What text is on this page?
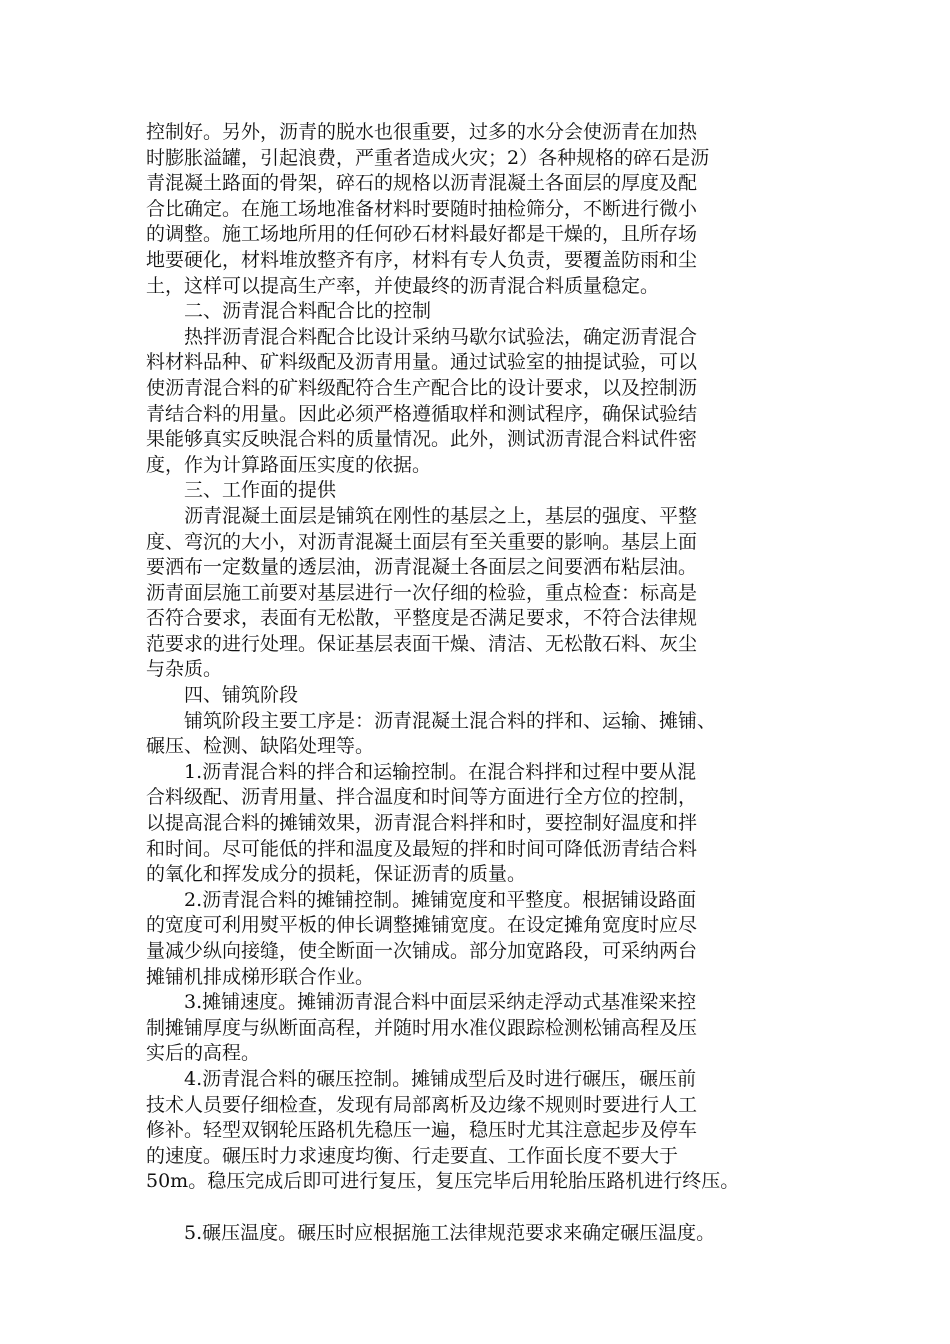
控制好。另外，沥青的脱水也很重要，过多的水分会使沥青在加热
时膨胀溢罐，引起浪费，严重者造成火灾；2）各种规格的碎石是沥
青混凝土路面的骨架，碎石的规格以沥青混凝土各面层的厚度及配
合比确定。在施工场地准备材料时要随时抽检筛分，不断进行微小
的调整。施工场地所用的任何砂石材料最好都是干燥的，且所存场
地要硬化，材料堆放整齐有序，材料有专人负责，要覆盖防雨和尘
土，这样可以提高生产率，并使最终的沥青混合料质量稳定。
　　二、沥青混合料配合比的控制
　　热拌沥青混合料配合比设计采纳马歇尔试验法，确定沥青混合
料材料品种、矿料级配及沥青用量。通过试验室的抽提试验，可以
使沥青混合料的矿料级配符合生产配合比的设计要求，以及控制沥
青结合料的用量。因此必须严格遵循取样和测试程序，确保试验结
果能够真实反映混合料的质量情况。此外，测试沥青混合料试件密
度，作为计算路面压实度的依据。
　　三、工作面的提供
　　沥青混凝土面层是铺筑在刚性的基层之上，基层的强度、平整
度、弯沉的大小，对沥青混凝土面层有至关重要的影响。基层上面
要洒布一定数量的透层油，沥青混凝土各面层之间要洒布粘层油。
沥青面层施工前要对基层进行一次仔细的检验，重点检查：标高是
否符合要求，表面有无松散，平整度是否满足要求，不符合法律规
范要求的进行处理。保证基层表面干燥、清洁、无松散石料、灰尘
与杂质。
　　四、铺筑阶段
　　铺筑阶段主要工序是：沥青混凝土混合料的拌和、运输、摊铺、
碾压、检测、缺陷处理等。
　　1.沥青混合料的拌合和运输控制。在混合料拌和过程中要从混
合料级配、沥青用量、拌合温度和时间等方面进行全方位的控制，
以提高混合料的摊铺效果，沥青混合料拌和时，要控制好温度和拌
和时间。尽可能低的拌和温度及最短的拌和时间可降低沥青结合料
的氧化和挥发成分的损耗，保证沥青的质量。
　　2.沥青混合料的摊铺控制。摊铺宽度和平整度。根据铺设路面
的宽度可利用熨平板的伸长调整摊铺宽度。在设定摊角宽度时应尽
量减少纵向接缝，使全断面一次铺成。部分加宽路段，可采纳两台
摊铺机排成梯形联合作业。
　　3.摊铺速度。摊铺沥青混合料中面层采纳走浮动式基准梁来控
制摊铺厚度与纵断面高程，并随时用水准仪跟踪检测松铺高程及压
实后的高程。
　　4.沥青混合料的碾压控制。摊铺成型后及时进行碾压，碾压前
技术人员要仔细检查，发现有局部离析及边缘不规则时要进行人工
修补。轻型双钢轮压路机先稳压一遍，稳压时尤其注意起步及停车
的速度。碾压时力求速度均衡、行走要直、工作面长度不要大于
50m。稳压完成后即可进行复压，复压完毕后用轮胎压路机进行终压。
　　5.碾压温度。碾压时应根据施工法律规范要求来确定碾压温度。
